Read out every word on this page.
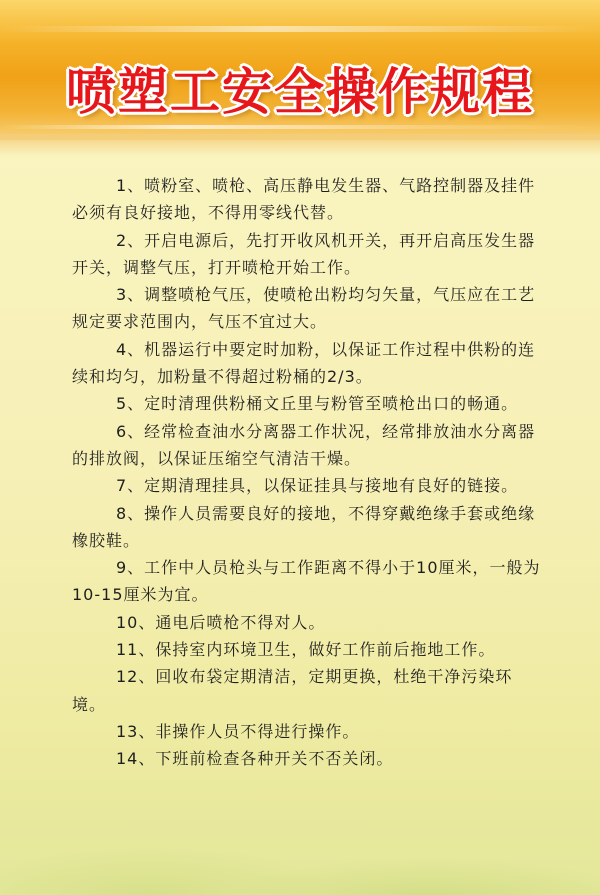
喷塑工安全操作规程
1、喷粉室、喷枪、高压静电发生器、气路控制器及挂件必须有良好接地，不得用零线代替。
2、开启电源后，先打开收风机开关，再开启高压发生器开关，调整气压，打开喷枪开始工作。
3、调整喷枪气压，使喷枪出粉均匀矢量，气压应在工艺规定要求范围内，气压不宜过大。
4、机器运行中要定时加粉，以保证工作过程中供粉的连续和均匀，加粉量不得超过粉桶的2/3。
5、定时清理供粉桶文丘里与粉管至喷枪出口的畅通。
6、经常检查油水分离器工作状况，经常排放油水分离器的排放阀，以保证压缩空气清洁干燥。
7、定期清理挂具，以保证挂具与接地有良好的链接。
8、操作人员需要良好的接地，不得穿戴绝缘手套或绝缘橡胶鞋。
9、工作中人员枪头与工作距离不得小于10厘米，一般为10-15厘米为宜。
10、通电后喷枪不得对人。
11、保持室内环境卫生，做好工作前后拖地工作。
12、回收布袋定期清洁，定期更换，杜绝干净污染环境。
13、非操作人员不得进行操作。
14、下班前检查各种开关不否关闭。
